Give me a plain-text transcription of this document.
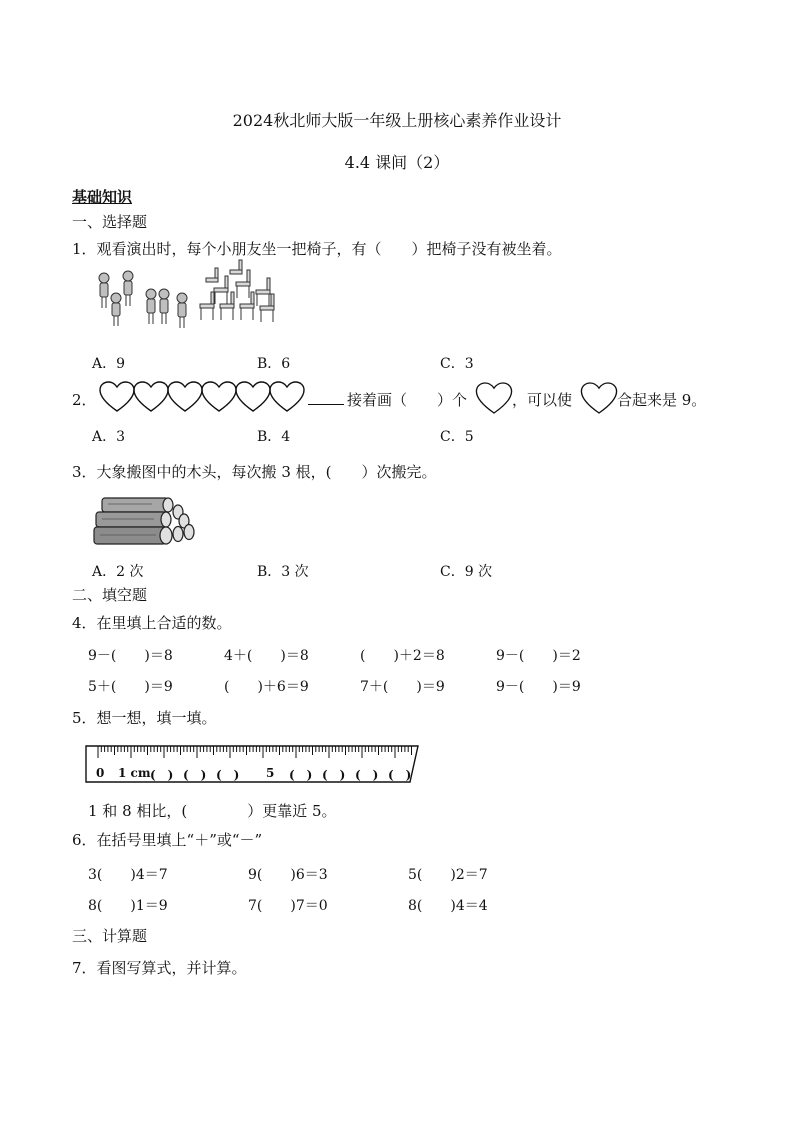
2024秋北师大版一年级上册核心素养作业设计
4.4 课间（2）
基础知识
一、选择题
1．观看演出时，每个小朋友坐一把椅子，有（　　）把椅子没有被坐着。
A．9	B．6	C．3
2．	接着画（　　）个	，可以使	合起来是 9。
A．3	B．4	C．5
3．大象搬图中的木头，每次搬 3 根，(　　）次搬完。
A．2 次	B．3 次	C．9 次
二、填空题
4．在里填上合适的数。
9－(　　)＝8	4＋(　　)＝8	(　　)＋2＝8	9－(　　)＝2
5＋(　　)＝9	(　　)＋6＝9	7＋(　　)＝9	9－(　　)＝9
5．想一想，填一填。
0 1 cm (　) (　) (　) 5 (　) (　) (　) (　)
1 和 8 相比，(　　　　）更靠近 5。
6．在括号里填上“＋”或“－”
3(　　)4＝7	9(　　)6＝3	5(　　)2＝7
8(　　)1＝9	7(　　)7＝0	8(　　)4＝4
三、计算题
7．看图写算式，并计算。
